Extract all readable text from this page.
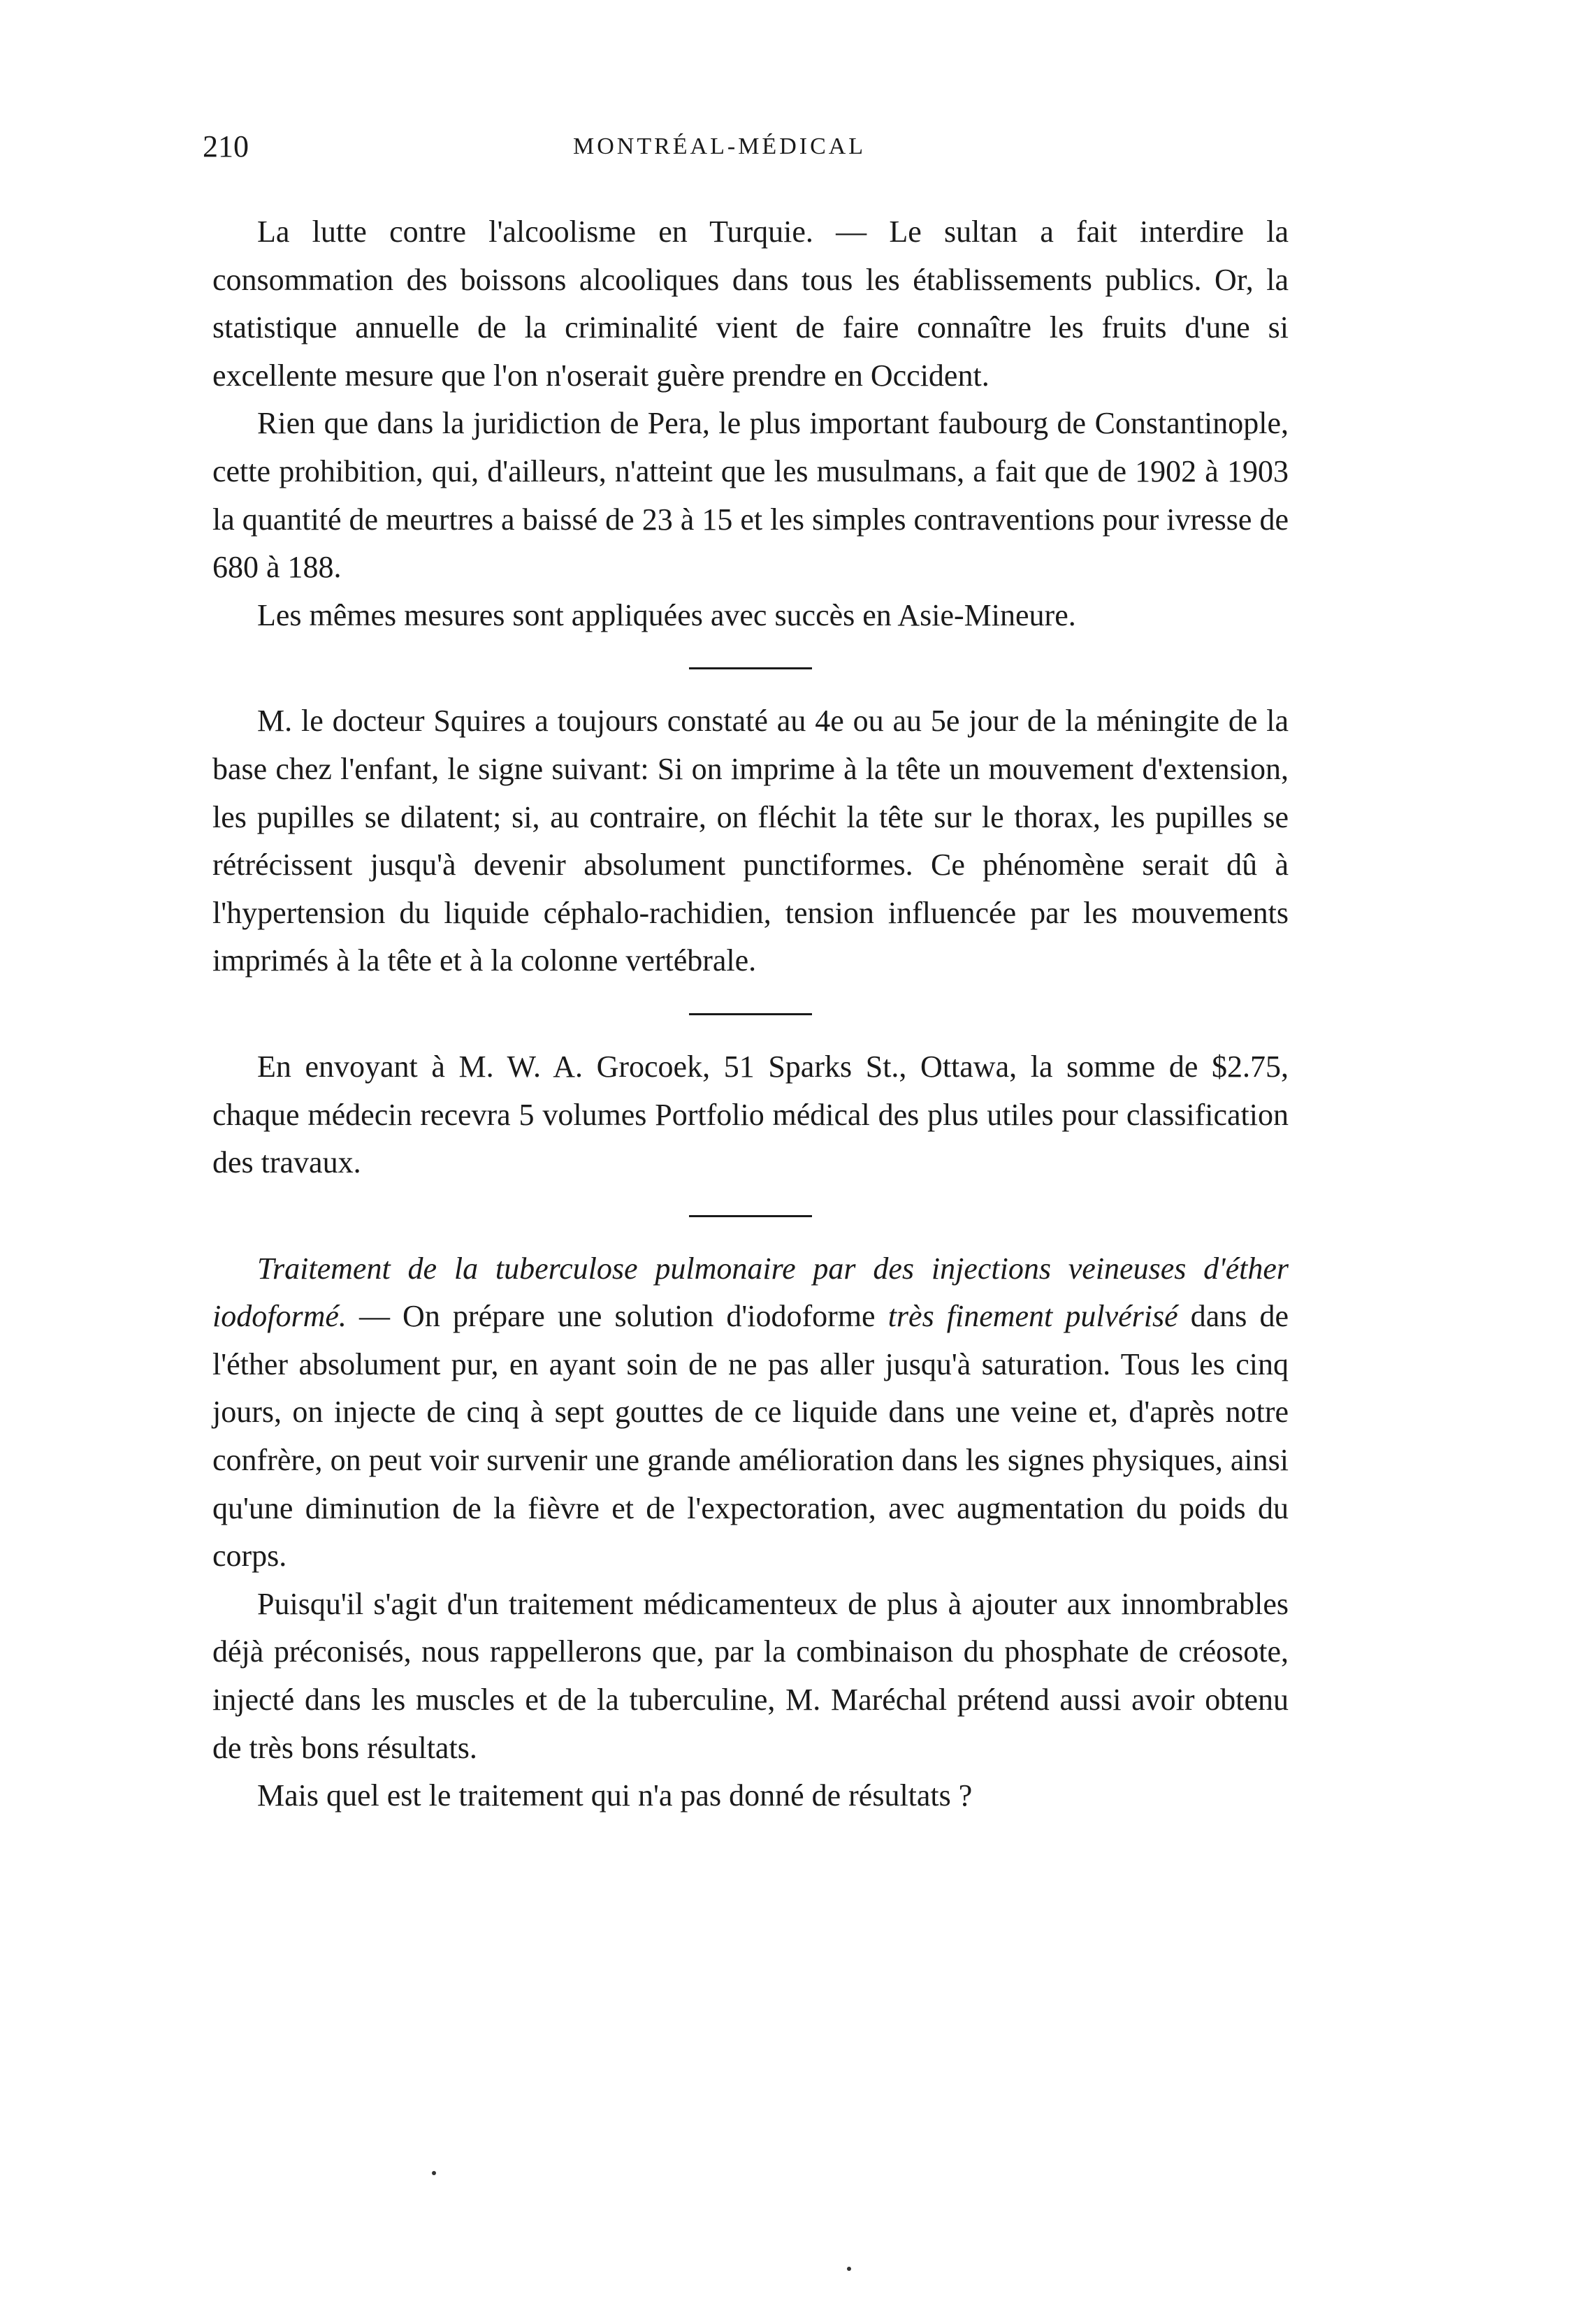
210	MONTRÉAL-MÉDICAL

La lutte contre l'alcoolisme en Turquie. — Le sultan a fait interdire la consommation des boissons alcooliques dans tous les établissements publics. Or, la statistique annuelle de la criminalité vient de faire connaître les fruits d'une si excellente mesure que l'on n'oserait guère prendre en Occident.

Rien que dans la juridiction de Pera, le plus important faubourg de Constantinople, cette prohibition, qui, d'ailleurs, n'atteint que les musulmans, a fait que de 1902 à 1903 la quantité de meurtres a baissé de 23 à 15 et les simples contraventions pour ivresse de 680 à 188.

Les mêmes mesures sont appliquées avec succès en Asie-Mineure.

M. le docteur Squires a toujours constaté au 4e ou au 5e jour de la méningite de la base chez l'enfant, le signe suivant: Si on imprime à la tête un mouvement d'extension, les pupilles se dilatent; si, au contraire, on fléchit la tête sur le thorax, les pupilles se rétrécissent jusqu'à devenir absolument punctiformes. Ce phénomène serait dû à l'hypertension du liquide céphalo-rachidien, tension influencée par les mouvements imprimés à la tête et à la colonne vertébrale.

En envoyant à M. W. A. Grocoek, 51 Sparks St., Ottawa, la somme de $2.75, chaque médecin recevra 5 volumes Portfolio médical des plus utiles pour classification des travaux.

Traitement de la tuberculose pulmonaire par des injections veineuses d'éther iodoformé. — On prépare une solution d'iodoforme très finement pulvérisé dans de l'éther absolument pur, en ayant soin de ne pas aller jusqu'à saturation. Tous les cinq jours, on injecte de cinq à sept gouttes de ce liquide dans une veine et, d'après notre confrère, on peut voir survenir une grande amélioration dans les signes physiques, ainsi qu'une diminution de la fièvre et de l'expectoration, avec augmentation du poids du corps.

Puisqu'il s'agit d'un traitement médicamenteux de plus à ajouter aux innombrables déjà préconisés, nous rappellerons que, par la combinaison du phosphate de créosote, injecté dans les muscles et de la tuberculine, M. Maréchal prétend aussi avoir obtenu de très bons résultats.

Mais quel est le traitement qui n'a pas donné de résultats ?
